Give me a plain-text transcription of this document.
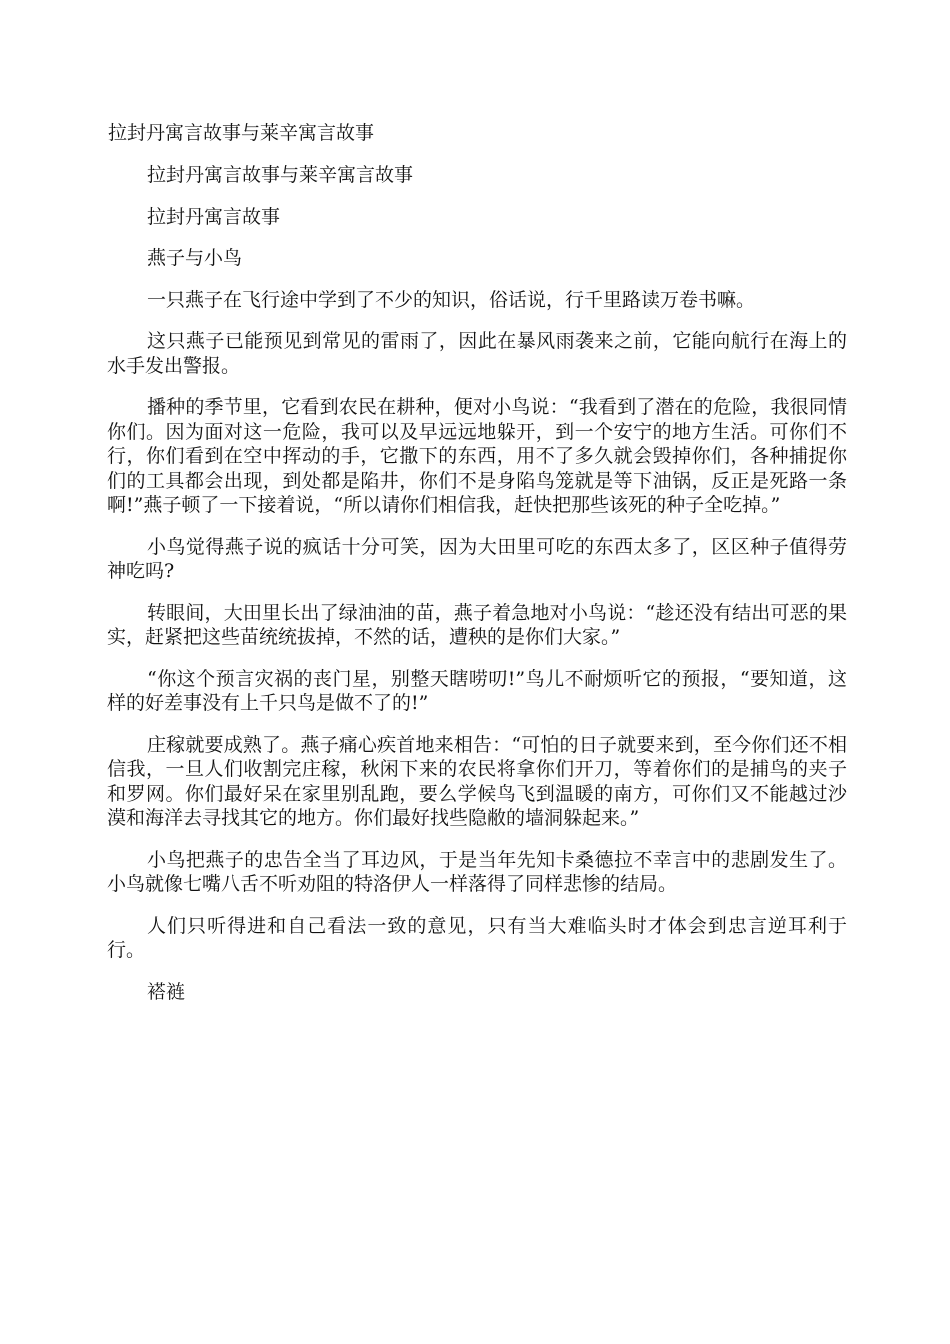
拉封丹寓言故事与莱辛寓言故事

拉封丹寓言故事与莱辛寓言故事

拉封丹寓言故事

燕子与小鸟

一只燕子在飞行途中学到了不少的知识，俗话说，行千里路读万卷书嘛。

这只燕子已能预见到常见的雷雨了，因此在暴风雨袭来之前，它能向航行在海上的水手发出警报。

播种的季节里，它看到农民在耕种，便对小鸟说：“我看到了潜在的危险，我很同情你们。因为面对这一危险，我可以及早远远地躲开，到一个安宁的地方生活。可你们不行，你们看到在空中挥动的手，它撒下的东西，用不了多久就会毁掉你们，各种捕捉你们的工具都会出现，到处都是陷井，你们不是身陷鸟笼就是等下油锅，反正是死路一条啊!”燕子顿了一下接着说，“所以请你们相信我，赶快把那些该死的种子全吃掉。”

小鸟觉得燕子说的疯话十分可笑，因为大田里可吃的东西太多了，区区种子值得劳神吃吗?

转眼间，大田里长出了绿油油的苗，燕子着急地对小鸟说：“趁还没有结出可恶的果实，赶紧把这些苗统统拔掉，不然的话，遭秧的是你们大家。”

“你这个预言灾祸的丧门星，别整天瞎唠叨!”鸟儿不耐烦听它的预报，“要知道，这样的好差事没有上千只鸟是做不了的!”

庄稼就要成熟了。燕子痛心疾首地来相告：“可怕的日子就要来到，至今你们还不相信我，一旦人们收割完庄稼，秋闲下来的农民将拿你们开刀，等着你们的是捕鸟的夹子和罗网。你们最好呆在家里别乱跑，要么学候鸟飞到温暖的南方，可你们又不能越过沙漠和海洋去寻找其它的地方。你们最好找些隐敝的墙洞躲起来。”

小鸟把燕子的忠告全当了耳边风，于是当年先知卡桑德拉不幸言中的悲剧发生了。小鸟就像七嘴八舌不听劝阻的特洛伊人一样落得了同样悲惨的结局。

人们只听得进和自己看法一致的意见，只有当大难临头时才体会到忠言逆耳利于行。

褡裢
